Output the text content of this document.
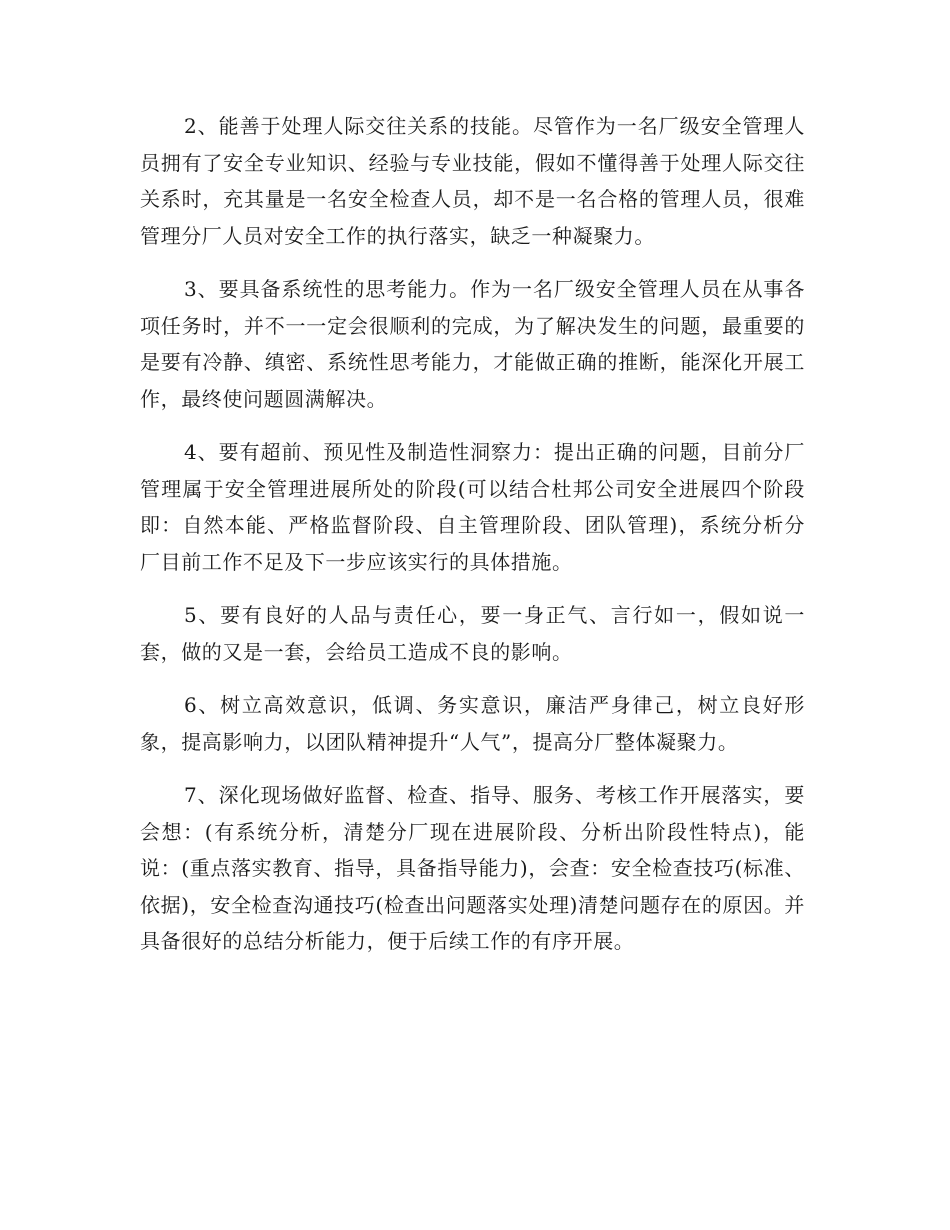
2、能善于处理人际交往关系的技能。尽管作为一名厂级安全管理人员拥有了安全专业知识、经验与专业技能，假如不懂得善于处理人际交往关系时，充其量是一名安全检查人员，却不是一名合格的管理人员，很难管理分厂人员对安全工作的执行落实，缺乏一种凝聚力。

3、要具备系统性的思考能力。作为一名厂级安全管理人员在从事各项任务时，并不一一定会很顺利的完成，为了解决发生的问题，最重要的是要有冷静、缜密、系统性思考能力，才能做正确的推断，能深化开展工作，最终使问题圆满解决。

4、要有超前、预见性及制造性洞察力：提出正确的问题，目前分厂管理属于安全管理进展所处的阶段(可以结合杜邦公司安全进展四个阶段即：自然本能、严格监督阶段、自主管理阶段、团队管理)，系统分析分厂目前工作不足及下一步应该实行的具体措施。

5、要有良好的人品与责任心，要一身正气、言行如一，假如说一套，做的又是一套，会给员工造成不良的影响。

6、树立高效意识，低调、务实意识，廉洁严身律己，树立良好形象，提高影响力，以团队精神提升“人气”，提高分厂整体凝聚力。

7、深化现场做好监督、检查、指导、服务、考核工作开展落实，要会想：(有系统分析，清楚分厂现在进展阶段、分析出阶段性特点)，能说：(重点落实教育、指导，具备指导能力)，会查：安全检查技巧(标准、依据)，安全检查沟通技巧(检查出问题落实处理)清楚问题存在的原因。并具备很好的总结分析能力，便于后续工作的有序开展。
